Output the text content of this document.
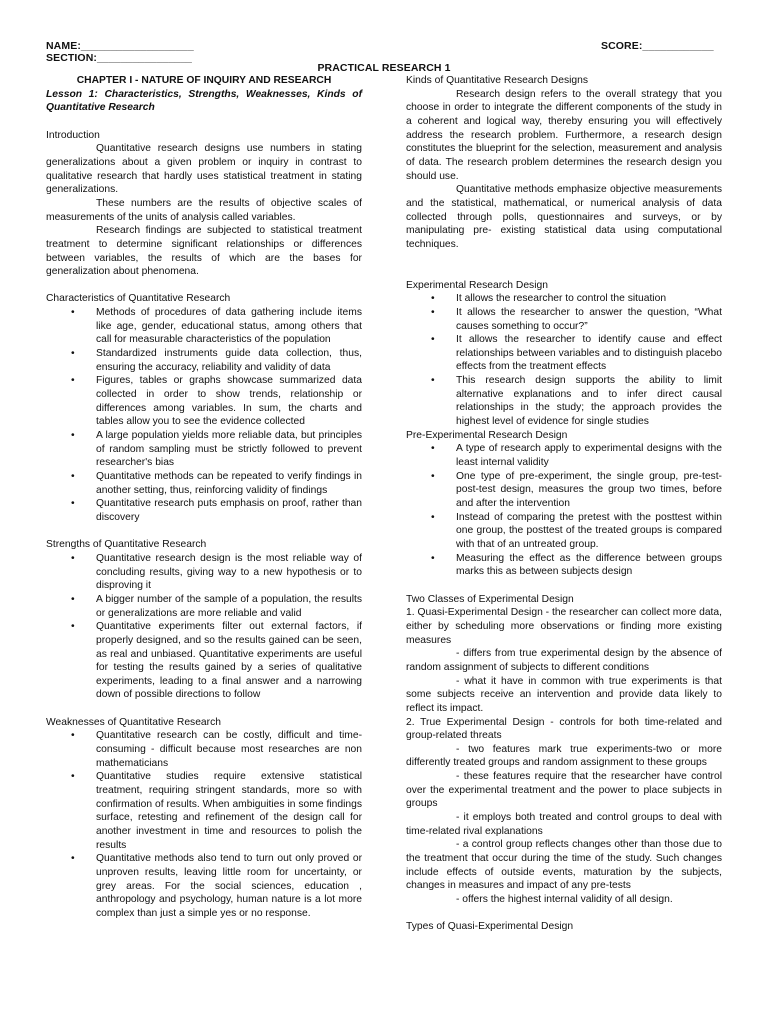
NAME:___________________
SECTION:________________
SCORE:____________
PRACTICAL RESEARCH 1

CHAPTER I - NATURE OF INQUIRY AND RESEARCH

Lesson 1: Characteristics, Strengths, Weaknesses, Kinds of Quantitative Research

Introduction

Quantitative research designs use numbers in stating generalizations about a given problem or inquiry in contrast to qualitative research that hardly uses statistical treatment in stating generalizations.

These numbers are the results of objective scales of measurements of the units of analysis called variables.

Research findings are subjected to statistical treatment treatment to determine significant relationships or differences between variables, the results of which are the bases for generalization about phenomena.

Characteristics of Quantitative Research

• Methods of procedures of data gathering include items like age, gender, educational status, among others that call for measurable characteristics of the population
• Standardized instruments guide data collection, thus, ensuring the accuracy, reliability and validity of data
• Figures, tables or graphs showcase summarized data collected in order to show trends, relationship or differences among variables. In sum, the charts and tables allow you to see the evidence collected
• A large population yields more reliable data, but principles of random sampling must be strictly followed to prevent researcher's bias
• Quantitative methods can be repeated to verify findings in another setting, thus, reinforcing validity of findings
• Quantitative research puts emphasis on proof, rather than discovery

Strengths of Quantitative Research

• Quantitative research design is the most reliable way of concluding results, giving way to a new hypothesis or to disproving it
• A bigger number of the sample of a population, the results or generalizations are more reliable and valid
• Quantitative experiments filter out external factors, if properly designed, and so the results gained can be seen, as real and unbiased. Quantitative experiments are useful for testing the results gained by a series of qualitative experiments, leading to a final answer and a narrowing down of possible directions to follow

Weaknesses of Quantitative Research

• Quantitative research can be costly, difficult and time-consuming - difficult because most researches are non mathematicians
• Quantitative studies require extensive statistical treatment, requiring stringent standards, more so with confirmation of results. When ambiguities in some findings surface, retesting and refinement of the design call for another investment in time and resources to polish the results
• Quantitative methods also tend to turn out only proved or unproven results, leaving little room for uncertainty, or grey areas. For the social sciences, education , anthropology and psychology, human nature is a lot more complex than just a simple yes or no response.

Kinds of Quantitative Research Designs

Research design refers to the overall strategy that you choose in order to integrate the different components of the study in a coherent and logical way, thereby ensuring you will effectively address the research problem. Furthermore, a research design constitutes the blueprint for the selection, measurement and analysis of data. The research problem determines the research design you should use.

Quantitative methods emphasize objective measurements and the statistical, mathematical, or numerical analysis of data collected through polls, questionnaires and surveys, or by manipulating pre- existing statistical data using computational techniques.

Experimental Research Design

• It allows the researcher to control the situation
• It allows the researcher to answer the question, “What causes something to occur?”
• It allows the researcher to identify cause and effect relationships between variables and to distinguish placebo effects from the treatment effects
• This research design supports the ability to limit alternative explanations and to infer direct causal relationships in the study; the approach provides the highest level of evidence for single studies

Pre-Experimental Research Design

• A type of research apply to experimental designs with the least internal validity
• One type of pre-experiment, the single group, pre-test-post-test design, measures the group two times, before and after the intervention
• Instead of comparing the pretest with the posttest within one group, the posttest of the treated groups is compared with that of an untreated group.
• Measuring the effect as the difference between groups marks this as between subjects design

Two Classes of Experimental Design

1. Quasi-Experimental Design - the researcher can collect more data, either by scheduling more observations or finding more existing measures

- differs from true experimental design by the absence of random assignment of subjects to different conditions

- what it have in common with true experiments is that some subjects receive an intervention and provide data likely to reflect its impact.

2. True Experimental Design - controls for both time-related and group-related threats

- two features mark true experiments-two or more differently treated groups and random assignment to these groups

- these features require that the researcher have control over the experimental treatment and the power to place subjects in groups

- it employs both treated and control groups to deal with time-related rival explanations

- a control group reflects changes other than those due to the treatment that occur during the time of the study. Such changes include effects of outside events, maturation by the subjects, changes in measures and impact of any pre-tests

- offers the highest internal validity of all design.

Types of Quasi-Experimental Design
